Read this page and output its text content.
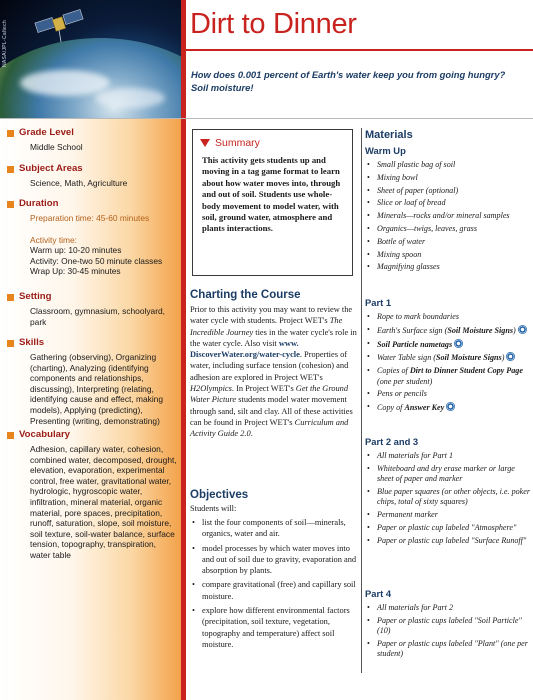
NASA/JPL-Caltech	Dirt to Dinner
How does 0.001 percent of Earth's water keep you from going hungry?
Soil moisture!
Grade Level
Middle School
Subject Areas
Science, Math, Agriculture
Duration
Preparation time: 45-60 minutes
Activity time:
Warm up: 10-20 minutes
Activity: One-two 50 minute classes
Wrap Up: 30-45 minutes
Setting
Classroom, gymnasium, schoolyard, park
Skills
Gathering (observing), Organizing (charting), Analyzing (identifying components and relationships, discussing), Interpreting (relating, identifying cause and effect, making models), Applying (predicting), Presenting (writing, demonstrating)
Vocabulary
Adhesion, capillary water, cohesion, combined water, decomposed, drought, elevation, evaporation, experimental control, free water, gravitational water, hydrologic, hygroscopic water, infiltration, mineral material, organic material, pore spaces, precipitation, runoff, saturation, slope, soil moisture, soil texture, soil-water balance, surface tension, topography, transpiration, water table
Summary

This activity gets students up and moving in a tag game format to learn about how water moves into, through and out of soil. Students use whole-body movement to model water, with soil, ground water, atmosphere and plants interactions.

Charting the Course

Prior to this activity you may want to review the water cycle with students. Project WET's The Incredible Journey ties in the water cycle's role in the water cycle. Also visit www. DiscoverWater.org/water-cycle. Properties of water, including surface tension (cohesion) and adhesion are explored in Project WET's H2Olympics. In Project WET's Get the Ground Water Picture students model water movement through sand, silt and clay. All of these activities can be found in Project WET's Curriculum and Activity Guide 2.0.

Objectives
Students will:
• list the four components of soil—minerals, organics, water and air.
• model processes by which water moves into and out of soil due to gravity, evaporation and absorption by plants.
• compare gravitational (free) and capillary soil moisture.
• explore how different environmental factors (precipitation, soil texture, vegetation, topography and temperature) affect soil moisture.
Materials
Warm Up
• Small plastic bag of soil
• Mixing bowl
• Sheet of paper (optional)
• Slice or loaf of bread
• Minerals—rocks and/or mineral samples
• Organics—twigs, leaves, grass
• Bottle of water
• Mixing spoon
• Magnifying glasses
Part 1
• Rope to mark boundaries
• Earth's Surface sign (Soil Moisture Signs)
• Soil Particle nametags
• Water Table sign (Soil Moisture Signs)
• Copies of Dirt to Dinner Student Copy Page (one per student)
• Pens or pencils
• Copy of Answer Key
Part 2 and 3
• All materials for Part 1
• Whiteboard and dry erase marker or large sheet of paper and marker
• Blue paper squares (or other objects, i.e. poker chips, total of sixty squares)
• Permanent marker
• Paper or plastic cup labeled "Atmosphere"
• Paper or plastic cup labeled "Surface Runoff"
Part 4
• All materials for Part 2
• Paper or plastic cups labeled "Soil Particle" (10)
• Paper or plastic cups labeled "Plant" (one per student)
